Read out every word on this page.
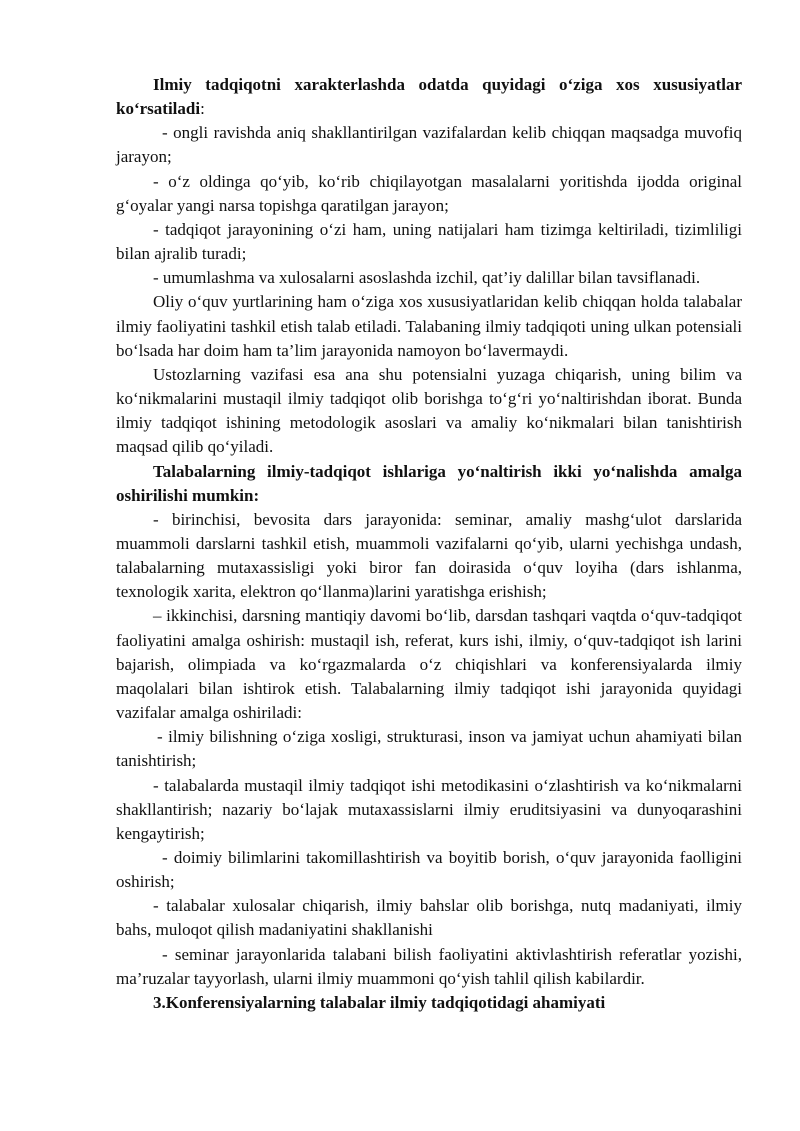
Ilmiy tadqiqotni xarakterlashda odatda quyidagi o‘ziga xos xususiyatlar ko‘rsatiladi:

- ongli ravishda aniq shakllantirilgan vazifalardan kelib chiqqan maqsadga muvofiq jarayon;

- o‘z oldinga qo‘yib, ko‘rib chiqilayotgan masalalarni yoritishda ijodda original g‘oyalar yangi narsa topishga qaratilgan jarayon;

- tadqiqot jarayonining o‘zi ham, uning natijalari ham tizimga keltiriladi, tizimliligi bilan ajralib turadi;

- umumlashma va xulosalarni asoslashda izchil, qat’iy dalillar bilan tavsiflanadi.

Oliy o‘quv yurtlarining ham o‘ziga xos xususiyatlaridan kelib chiqqan holda talabalar ilmiy faoliyatini tashkil etish talab etiladi. Talabaning ilmiy tadqiqoti uning ulkan potensiali bo‘lsada har doim ham ta’lim jarayonida namoyon bo‘lavermaydi.

Ustozlarning vazifasi esa ana shu potensialni yuzaga chiqarish, uning bilim va ko‘nikmalarini mustaqil ilmiy tadqiqot olib borishga to‘g‘ri yo‘naltirishdan iborat. Bunda ilmiy tadqiqot ishining metodologik asoslari va amaliy ko‘nikmalari bilan tanishtirish maqsad qilib qo‘yiladi.

Talabalarning ilmiy-tadqiqot ishlariga yo‘naltirish ikki yo‘nalishda amalga oshirilishi mumkin:

- birinchisi, bevosita dars jarayonida: seminar, amaliy mashg‘ulot darslarida muammoli darslarni tashkil etish, muammoli vazifalarni qo‘yib, ularni yechishga undash, talabalarning mutaxassisligi yoki biror fan doirasida o‘quv loyiha (dars ishlanma, texnologik xarita, elektron qo‘llanma)larini yaratishga erishish;

– ikkinchisi, darsning mantiqiy davomi bo‘lib, darsdan tashqari vaqtda o‘quv-tadqiqot faoliyatini amalga oshirish: mustaqil ish, referat, kurs ishi, ilmiy, o‘quv-tadqiqot ish larini bajarish, olimpiada va ko‘rgazmalarda o‘z chiqishlari va konferensiyalarda ilmiy maqolalari bilan ishtirok etish. Talabalarning ilmiy tadqiqot ishi jarayonida quyidagi vazifalar amalga oshiriladi:

- ilmiy bilishning o‘ziga xosligi, strukturasi, inson va jamiyat uchun ahamiyati bilan tanishtirish;

- talabalarda mustaqil ilmiy tadqiqot ishi metodikasini o‘zlashtirish va ko‘nikmalarni shakllantirish; nazariy bo‘lajak mutaxassislarni ilmiy eruditsiyasini va dunyoqarashini kengaytirish;

- doimiy bilimlarini takomillashtirish va boyitib borish, o‘quv jarayonida faolligini oshirish;

- talabalar xulosalar chiqarish, ilmiy bahslar olib borishga, nutq madaniyati, ilmiy bahs, muloqot qilish madaniyatini shakllanishi

- seminar jarayonlarida talabani bilish faoliyatini aktivlashtirish referatlar yozishi, ma’ruzalar tayyorlash, ularni ilmiy muammoni qo‘yish tahlil qilish kabilardir.

3.Konferensiyalarning talabalar ilmiy tadqiqotidagi ahamiyati
